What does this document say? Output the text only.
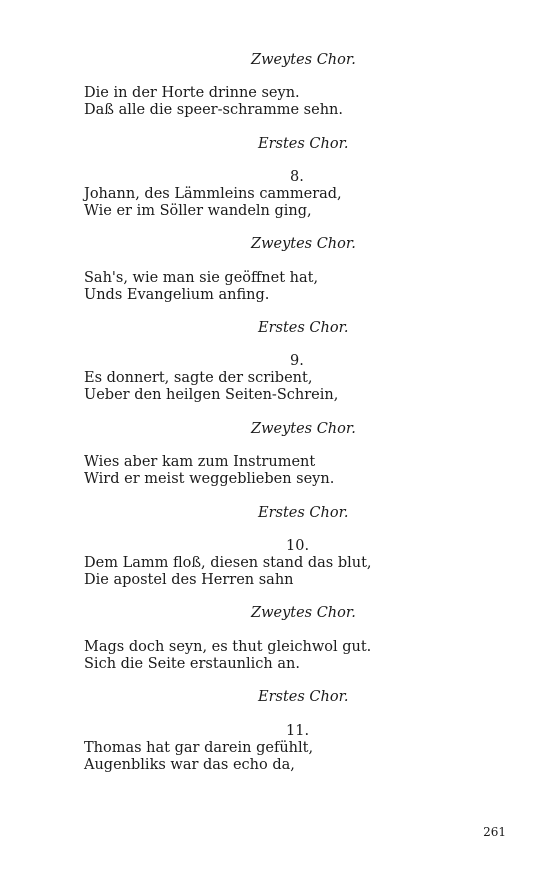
Zweytes Chor.
Die in der Horte drinne seyn.
Daß alle die speer-schramme sehn.
Erstes Chor.
8.
Johann, des Lämmleins cammerad,
Wie er im Söller wandeln ging,
Zweytes Chor.
Sah's, wie man sie geöffnet hat,
Unds Evangelium anfing.
Erstes Chor.
9.
Es donnert, sagte der scribent,
Ueber den heilgen Seiten-Schrein,
Zweytes Chor.
Wies aber kam zum Instrument
Wird er meist weggeblieben seyn.
Erstes Chor.
10.
Dem Lamm floß, diesen stand das blut,
Die apostel des Herren sahn
Zweytes Chor.
Mags doch seyn, es thut gleichwol gut.
Sich die Seite erstaunlich an.
Erstes Chor.
11.
Thomas hat gar darein gefühlt,
Augenbliks war das echo da,
261
